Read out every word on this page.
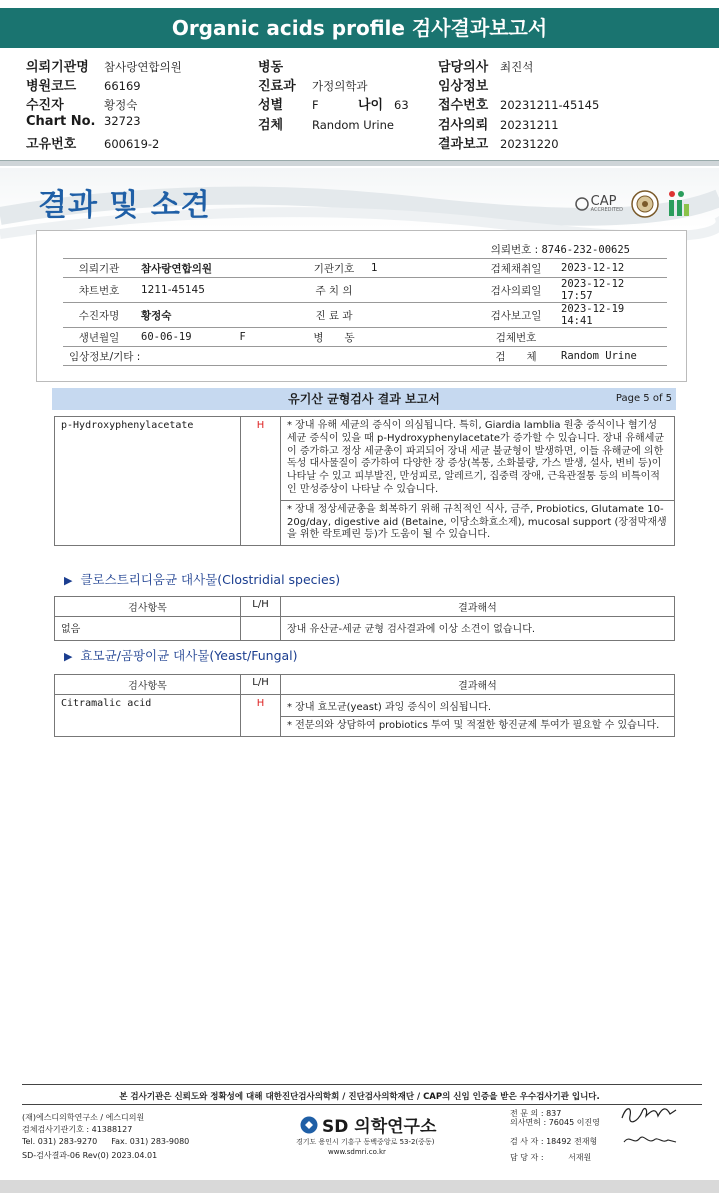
Organic acids profile 검사결과보고서
의뢰기관명 참사랑연합의원
병원코드 66169
수진자	황정숙
Chart No. 32723
고유번호 600619-2
병동
진료과 가정의학과
성별	F	나이 63
검체	Random Urine
담당의사 최진석
임상정보
접수번호 20231211-45145
검사의뢰 20231211
결과보고 20231220
결과 및 소견	CAP
ACCREDITED
의뢰번호 : 8746-232-00625
의뢰기관	참사랑연합의원	기관기호	1	검체채취일	2023-12-12
챠트번호	1211-45145	주 치 의		검사의뢰일	2023-12-12 17:57
수진자명	황정숙	진 료 과		검사보고일	2023-12-19 14:41
생년월일	60-06-19 F	병　　동		검체번호	
임상정보/기타 :				검　　체	Random Urine
유기산 균형검사 결과 보고서	Page 5 of 5
p-Hydroxyphenylacetate	H	* 장내 유해 세균의 증식이 의심됩니다. 특히, Giardia lamblia 원충 증식이나 혐기성 세균 증식이 있을 때 p-Hydroxyphenylacetate가 증가할 수 있습니다. 장내 유해세균이 증가하고 정상 세균총이 파괴되어 장내 세균 불균형이 발생하면, 이들 유해균에 의한 독성 대사물질이 증가하여 다양한 장 증상(복통, 소화불량, 가스 발생, 설사, 변비 등)이 나타날 수 있고 피부발진, 만성피로, 알레르기, 집중력 장애, 근육관절통 등의 비특이적인 만성증상이 나타날 수 있습니다.
* 장내 정상세균총을 회복하기 위해 규칙적인 식사, 금주, Probiotics, Glutamate 10-20g/day, digestive aid (Betaine, 이당소화효소제), mucosal support (장점막재생을 위한 락토페린 등)가 도움이 될 수 있습니다.
▶ 클로스트리디움균 대사물(Clostridial species)
검사항목	L/H	결과해석
없음		장내 유산균-세균 균형 검사결과에 이상 소견이 없습니다.
▶ 효모균/곰팡이균 대사물(Yeast/Fungal)
검사항목	L/H	결과해석
Citramalic acid	H	* 장내 효모균(yeast) 과잉 증식이 의심됩니다.
		* 전문의와 상담하여 probiotics 투여 및 적절한 항진균제 투여가 필요할 수 있습니다.
본 검사기관은 신뢰도와 정확성에 대해 대한진단검사의학회 / 진단검사의학재단 / CAP의 신임 인증을 받은 우수검사기관 입니다.
(재)에스디의학연구소 / 에스디의원
검체검사기관기호 : 41388127
Tel. 031) 283-9270 Fax. 031) 283-9080
SD-검사결과-06 Rev(0) 2023.04.01
SD 의학연구소
경기도 용인시 기흥구 동백중앙로 53-2(중동)
www.sdmri.co.kr
전 문 의 : 837
의사면허 : 76045 이진영
검 사 자 : 18492 전재형
담 당 자 :	서재원
